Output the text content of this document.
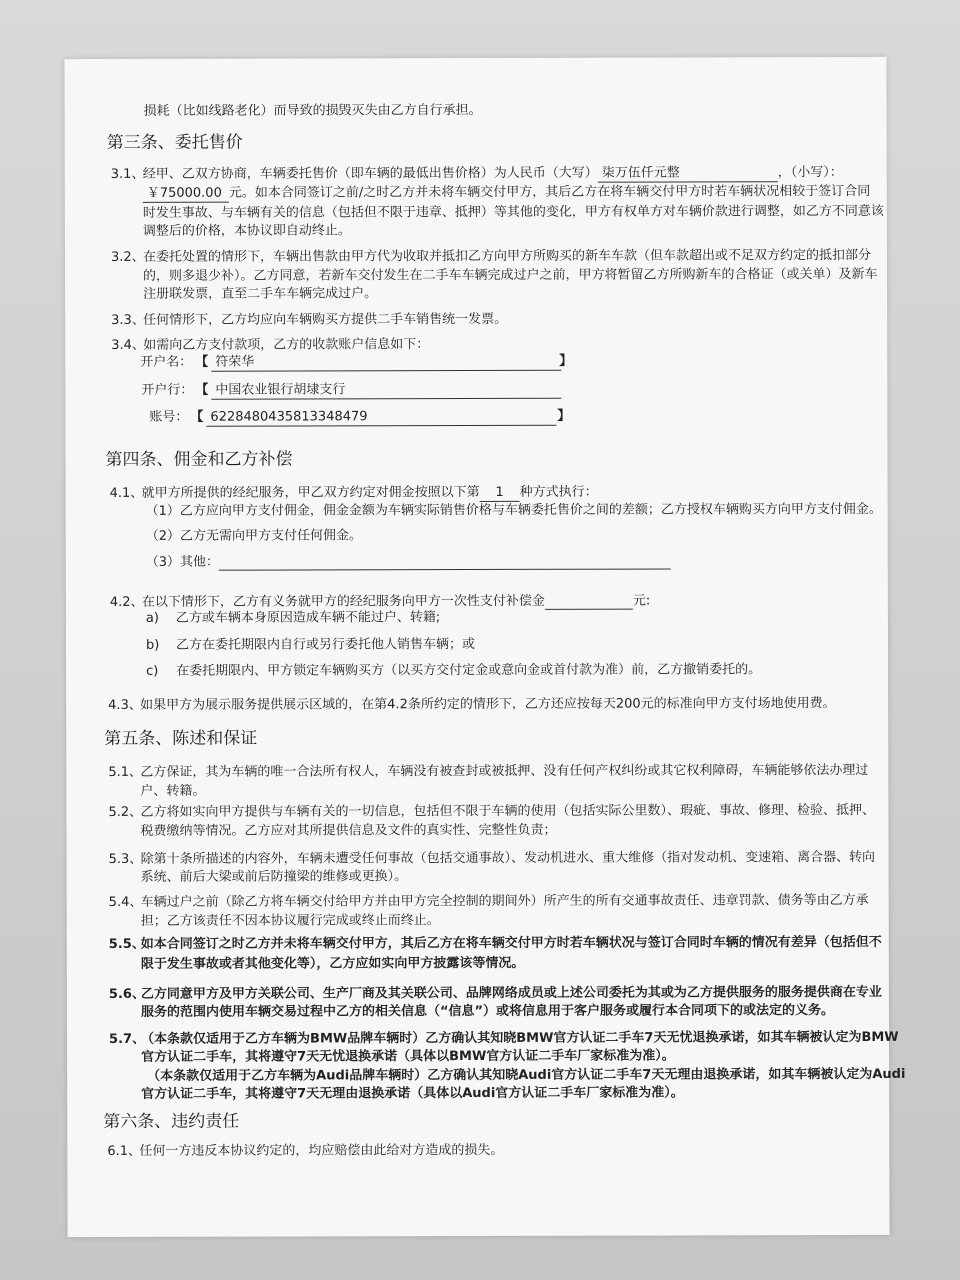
损耗（比如线路老化）而导致的损毁灭失由乙方自行承担。
第三条、委托售价
3.1、
经甲、乙双方协商，车辆委托售价（即车辆的最低出售价格）为人民币（大写） 柒万伍仟元整	，（小写）：
￥75000.00 元。如本合同签订之前/之时乙方并未将车辆交付甲方，其后乙方在将车辆交付甲方时若车辆状况相较于签订合同
时发生事故、与车辆有关的信息（包括但不限于违章、抵押）等其他的变化，甲方有权单方对车辆价款进行调整，如乙方不同意该
调整后的价格，本协议即自动终止。
3.2、
在委托处置的情形下，车辆出售款由甲方代为收取并抵扣乙方向甲方所购买的新车车款（但车款超出或不足双方约定的抵扣部分
的，则多退少补）。乙方同意，若新车交付发生在二手车车辆完成过户之前，甲方将暂留乙方所购新车的合格证（或关单）及新车
注册联发票，直至二手车车辆完成过户。
3.3、
任何情形下，乙方均应向车辆购买方提供二手车销售统一发票。
3.4、
如需向乙方支付款项，乙方的收款账户信息如下：
开户名： 【 符荣华	】
开户行： 【 中国农业银行胡埭支行
账号： 【 6228480435813348479	】
第四条、佣金和乙方补偿
4.1、
就甲方所提供的经纪服务，甲乙双方约定对佣金按照以下第 1 种方式执行：
（1）乙方应向甲方支付佣金，佣金金额为车辆实际销售价格与车辆委托售价之间的差额；乙方授权车辆购买方向甲方支付佣金。
（2）乙方无需向甲方支付任何佣金。
（3）其他：
4.2、
在以下情形下，乙方有义务就甲方的经纪服务向甲方一次性支付补偿金	元:
a) 乙方或车辆本身原因造成车辆不能过户、转籍;
b) 乙方在委托期限内自行或另行委托他人销售车辆；或
c) 在委托期限内、甲方锁定车辆购买方（以买方交付定金或意向金或首付款为准）前，乙方撤销委托的。
4.3、
如果甲方为展示服务提供展示区域的，在第4.2条所约定的情形下，乙方还应按每天200元的标准向甲方支付场地使用费。
第五条、陈述和保证
5.1、
乙方保证，其为车辆的唯一合法所有权人，车辆没有被查封或被抵押、没有任何产权纠纷或其它权利障碍，车辆能够依法办理过
户、转籍。
5.2、
乙方将如实向甲方提供与车辆有关的一切信息，包括但不限于车辆的使用（包括实际公里数）、瑕疵、事故、修理、检验、抵押、
税费缴纳等情况。乙方应对其所提供信息及文件的真实性、完整性负责；
5.3、
除第十条所描述的内容外，车辆未遭受任何事故（包括交通事故）、发动机进水、重大维修（指对发动机、变速箱、离合器、转向
系统、前后大梁或前后防撞梁的维修或更换）。
5.4、
车辆过户之前（除乙方将车辆交付给甲方并由甲方完全控制的期间外）所产生的所有交通事故责任、违章罚款、债务等由乙方承
担；乙方该责任不因本协议履行完成或终止而终止。
5.5、
如本合同签订之时乙方并未将车辆交付甲方，其后乙方在将车辆交付甲方时若车辆状况与签订合同时车辆的情况有差异（包括但不
限于发生事故或者其他变化等），乙方应如实向甲方披露该等情况。
5.6、
乙方同意甲方及甲方关联公司、生产厂商及其关联公司、品牌网络成员或上述公司委托为其或为乙方提供服务的服务提供商在专业
服务的范围内使用车辆交易过程中乙方的相关信息（“信息”）或将信息用于客户服务或履行本合同项下的或法定的义务。
5.7、
（本条款仅适用于乙方车辆为BMW品牌车辆时）乙方确认其知晓BMW官方认证二手车7天无忧退换承诺，如其车辆被认定为BMW
官方认证二手车，其将遵守7天无忧退换承诺（具体以BMW官方认证二手车厂家标准为准）。
（本条款仅适用于乙方车辆为Audi品牌车辆时）乙方确认其知晓Audi官方认证二手车7天无理由退换承诺，如其车辆被认定为Audi
官方认证二手车，其将遵守7天无理由退换承诺（具体以Audi官方认证二手车厂家标准为准）。
第六条、违约责任
6.1、
任何一方违反本协议约定的，均应赔偿由此给对方造成的损失。
